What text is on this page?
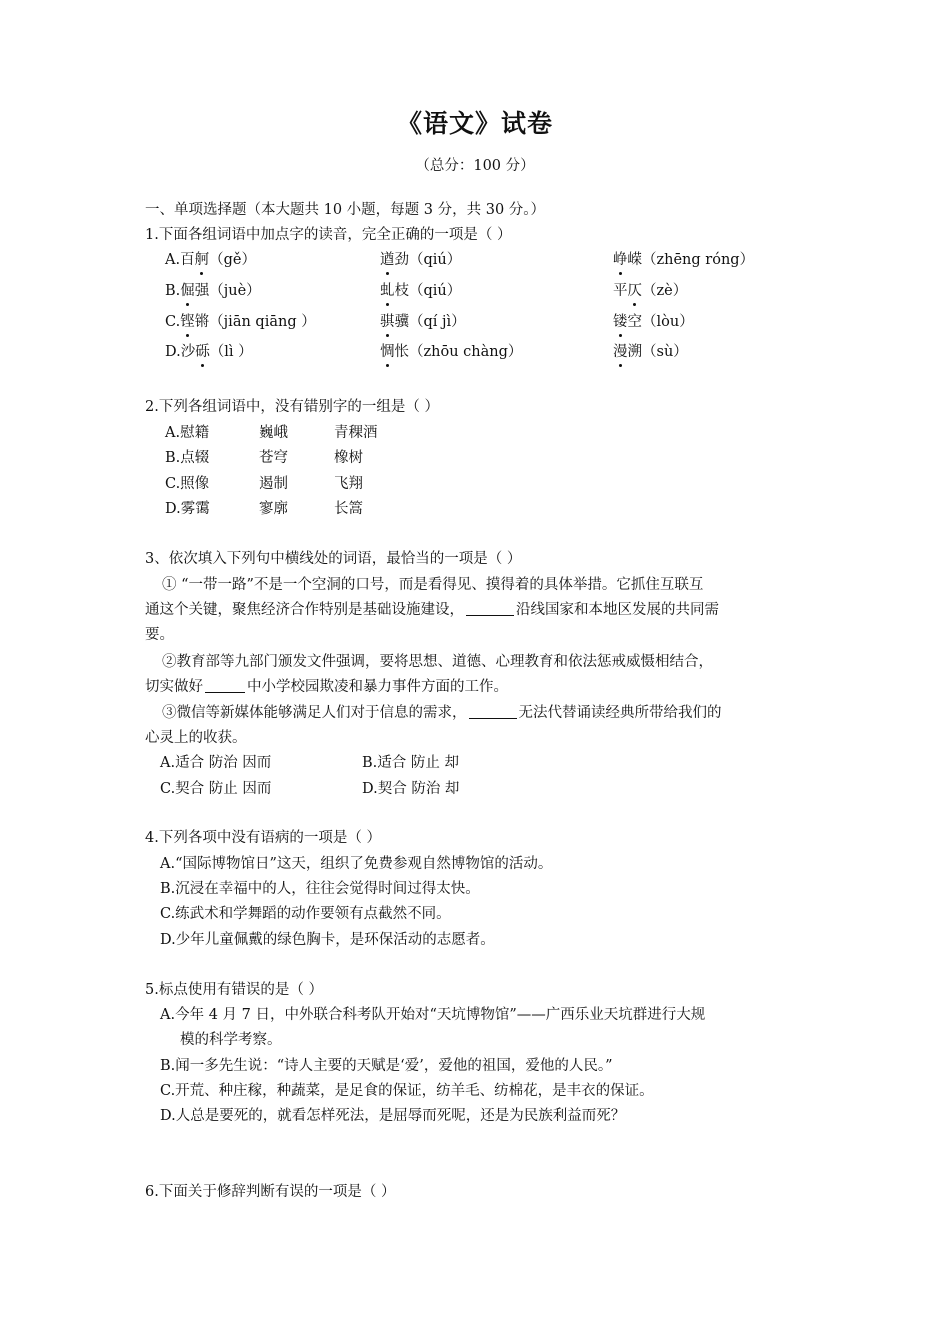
《语文》试卷
（总分：100 分）
一、单项选择题（本大题共 10 小题，每题 3 分，共 30 分。）
1.下面各组词语中加点字的读音，完全正确的一项是（ ）
A.百舸（gě）	遒劲（qiú）	峥嵘（zhēng róng）
B.倔强（juè）	虬枝（qiú）	平仄（zè）
C.铿锵（jiān qiāng ）	骐骥（qí jì）	镂空（lòu）
D.沙砾（lì ）	惆怅（zhōu chàng）	漫溯（sù）
2.下列各组词语中，没有错别字的一组是（ ）
A.慰籍	巍峨	青稞酒
B.点辍	苍穹	橡树
C.照像	遏制	飞翔
D.雾霭	寥廓	长篙
3、依次填入下列句中横线处的词语，最恰当的一项是（ ）
① “一带一路”不是一个空洞的口号，而是看得见、摸得着的具体举措。它抓住互联互
通这个关键，聚焦经济合作特别是基础设施建设，	沿线国家和本地区发展的共同需
要。
②教育部等九部门颁发文件强调，要将思想、道德、心理教育和依法惩戒威慑相结合，
切实做好	中小学校园欺凌和暴力事件方面的工作。
③微信等新媒体能够满足人们对于信息的需求，	无法代替诵读经典所带给我们的
心灵上的收获。
A.适合 防治 因而	B.适合 防止 却
C.契合 防止 因而	D.契合 防治 却
4.下列各项中没有语病的一项是（ ）
A.“国际博物馆日”这天，组织了免费参观自然博物馆的活动。
B.沉浸在幸福中的人，往往会觉得时间过得太快。
C.练武术和学舞蹈的动作要领有点截然不同。
D.少年儿童佩戴的绿色胸卡，是环保活动的志愿者。
5.标点使用有错误的是（ ）
A.今年 4 月 7 日，中外联合科考队开始对“天坑博物馆”——广西乐业天坑群进行大规
模的科学考察。
B.闻一多先生说：“诗人主要的天赋是‘爱’，爱他的祖国，爱他的人民。”
C.开荒、种庄稼，种蔬菜，是足食的保证，纺羊毛、纺棉花，是丰衣的保证。
D.人总是要死的，就看怎样死法，是屈辱而死呢，还是为民族利益而死？
6.下面关于修辞判断有误的一项是（ ）
